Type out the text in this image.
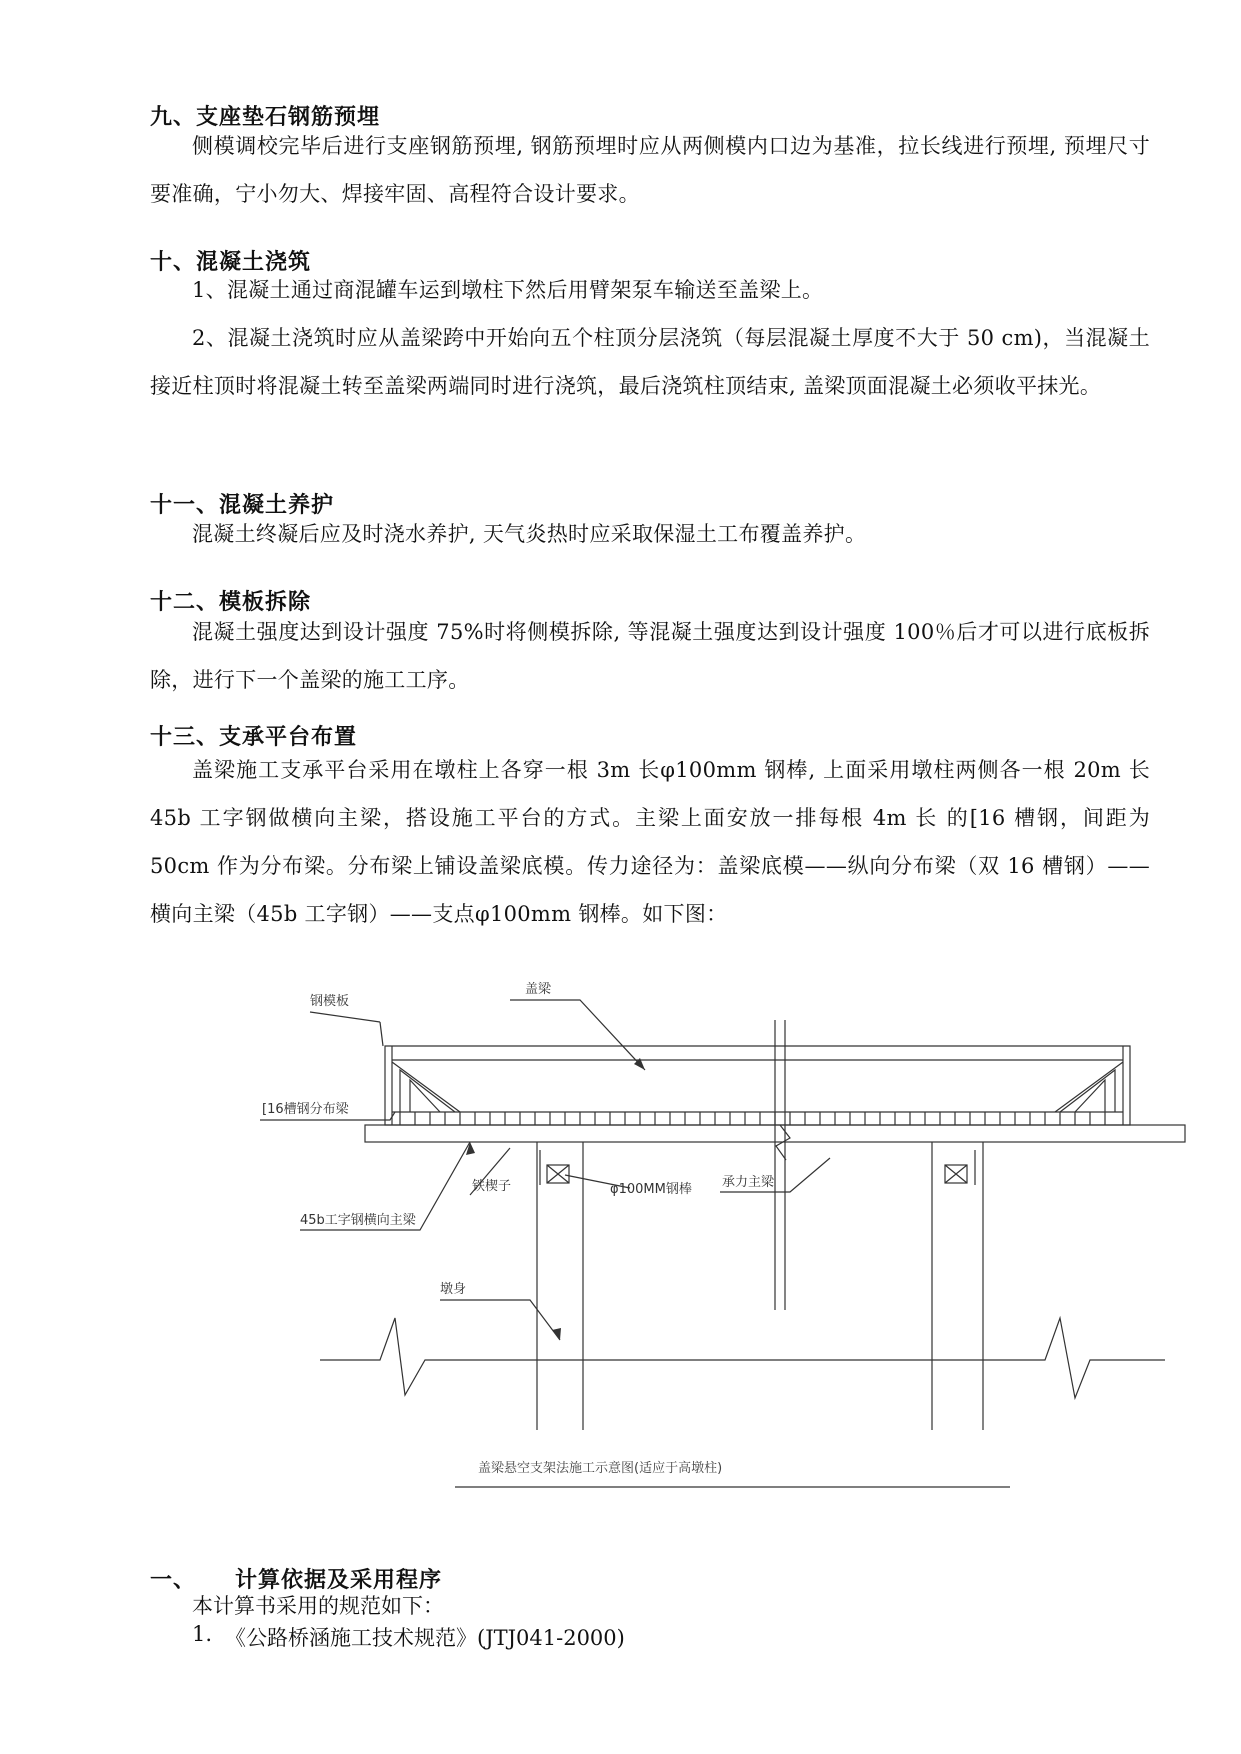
九、支座垫石钢筋预埋
侧模调校完毕后进行支座钢筋预埋, 钢筋预埋时应从两侧模内口边为基准，拉长线进行预埋, 预埋尺寸要准确，宁小勿大、焊接牢固、高程符合设计要求。
十、混凝土浇筑
1、混凝土通过商混罐车运到墩柱下然后用臂架泵车输送至盖梁上。
2、混凝土浇筑时应从盖梁跨中开始向五个柱顶分层浇筑（每层混凝土厚度不大于 50 cm)，当混凝土接近柱顶时将混凝土转至盖梁两端同时进行浇筑，最后浇筑柱顶结束, 盖梁顶面混凝土必须收平抹光。
十一、混凝土养护
混凝土终凝后应及时浇水养护, 天气炎热时应采取保湿土工布覆盖养护。
十二、模板拆除
混凝土强度达到设计强度 75%时将侧模拆除, 等混凝土强度达到设计强度 100％后才可以进行底板拆除，进行下一个盖梁的施工工序。
十三、支承平台布置
盖梁施工支承平台采用在墩柱上各穿一根 3m 长φ100mm 钢棒, 上面采用墩柱两侧各一根 20m 长 45b 工字钢做横向主梁，搭设施工平台的方式。主梁上面安放一排每根 4m 长 的[16 槽钢，间距为 50cm 作为分布梁。分布梁上铺设盖梁底模。传力途径为：盖梁底模——纵向分布梁（双 16 槽钢）——横向主梁（45b 工字钢）——支点φ100mm 钢棒。如下图：
盖梁
钢模板
[16槽钢分布梁
铁楔子	φ100MM钢棒 承力主梁
45b工字钢横向主梁
墩身
盖梁悬空支架法施工示意图(适应于高墩柱)
一、 计算依据及采用程序
本计算书采用的规范如下：
1. 《公路桥涵施工技术规范》(JTJ041-2000)
